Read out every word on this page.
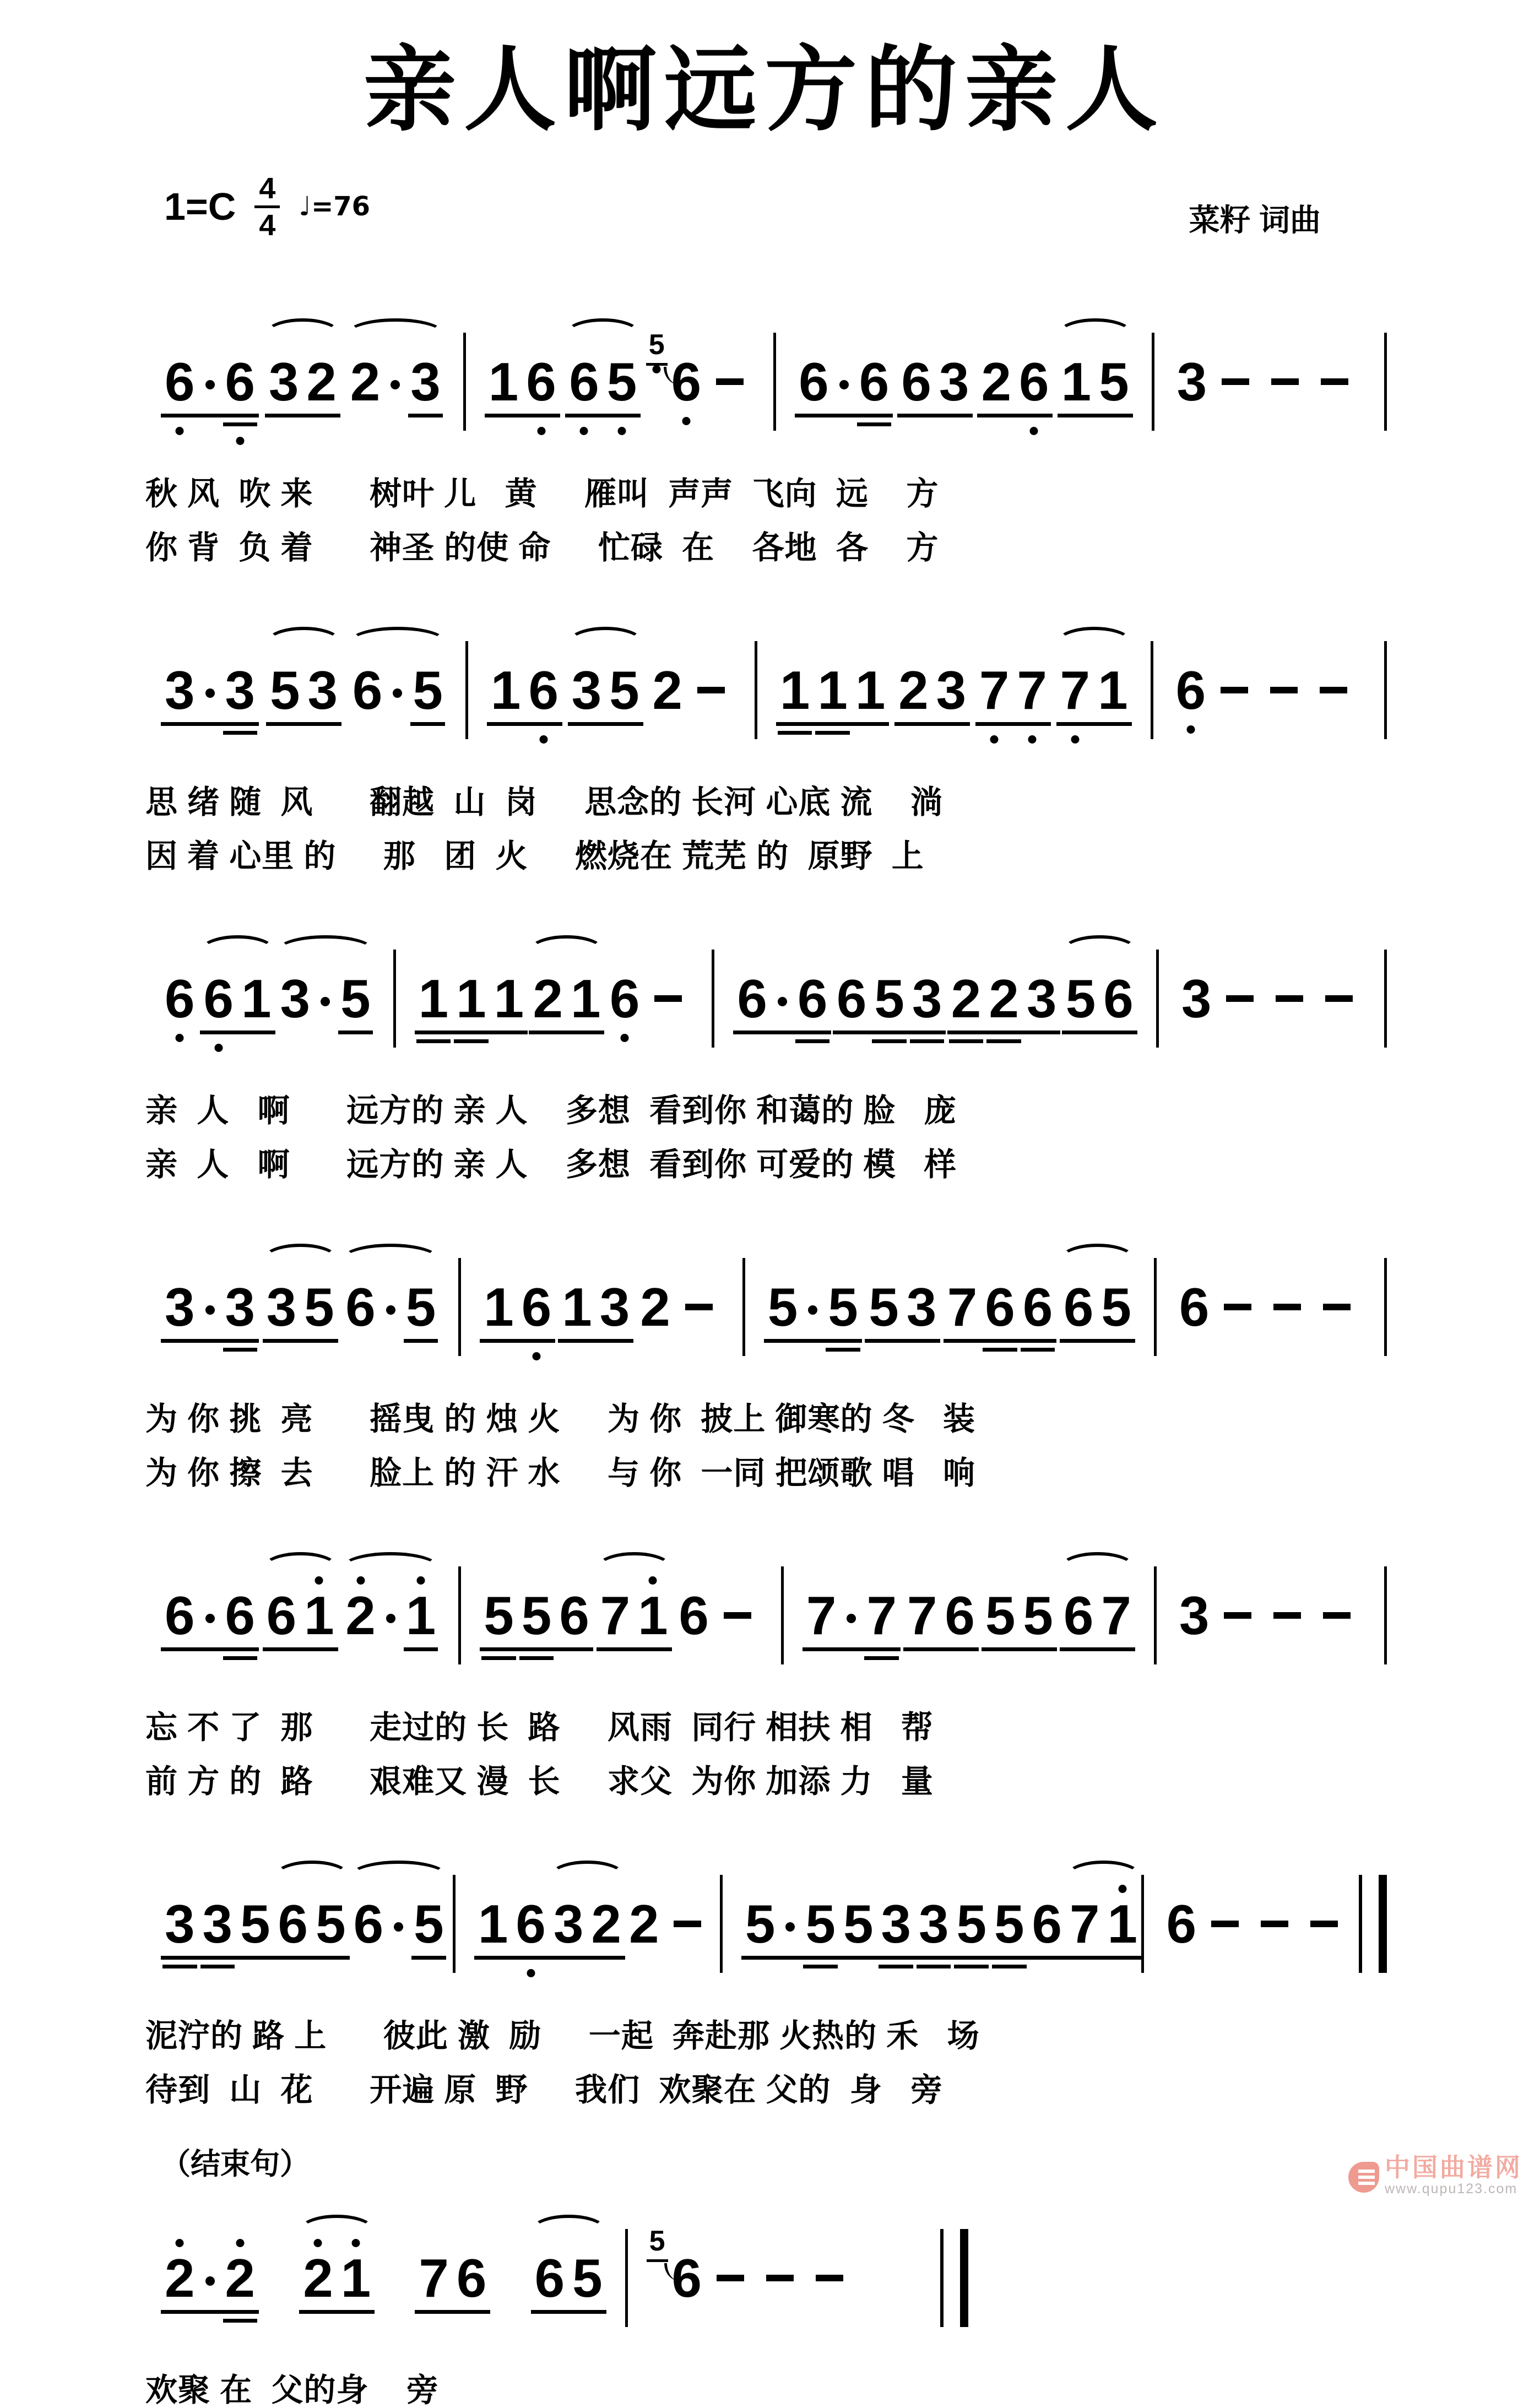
亲人啊远方的亲人
$1=C \frac{4}{4}$ ♩=76	菜籽 词曲
6 6 3 2 2 3 1 6 6 5
5
6 6 6 6 3 2 6 1 5 3
秋 风  吹 来      树叶 儿   黄     雁叫  声声  飞向  远    方
你 背  负 着      神圣 的使 命     忙碌  在    各地  各    方
3 3 5 3 6 5 1 6 3 5 2 1 1 1 2 3 7 7 7 1 6
思 绪 随  风      翻越  山  岗     思念的 长河 心底 流    淌
因 着 心里 的     那   团  火     燃烧在 荒芜 的  原野  上
6 6 1 3 5 1 1 1 2 1 6 6 6 6 5 3 2 2 3 5 6 3
亲  人   啊      远方的 亲 人    多想  看到你 和蔼的 脸   庞
亲  人   啊      远方的 亲 人    多想  看到你 可爱的 模   样
3 3 3 5 6 5 1 6 1 3 2 5 5 5 3 7 6 6 6 5 6
为 你 挑  亮      摇曳 的 烛 火     为 你  披上 御寒的 冬   装
为 你 擦  去      脸上 的 汗 水     与 你  一同 把颂歌 唱   响
6 6 6 1 2 1 5 5 6 7 1 6 7 7 7 6 5 5 6 7 3
忘 不 了  那      走过的 长  路     风雨  同行 相扶 相   帮
前 方 的  路      艰难又 漫  长     求父  为你 加添 力   量
3 3 5 6 5 6 5 1 6 3 2 2 5 5 5 3 3 5 5 6 7 1 6
泥泞的 路 上      彼此 激  励     一起  奔赴那 火热的 禾   场
待到  山  花      开遍 原  野     我们  欢聚在 父的  身   旁
（结束句）
2 2 2 1 7 6 6 5
5
6
欢聚 在  父的身    旁
中国曲谱网
www.qupu123.com
